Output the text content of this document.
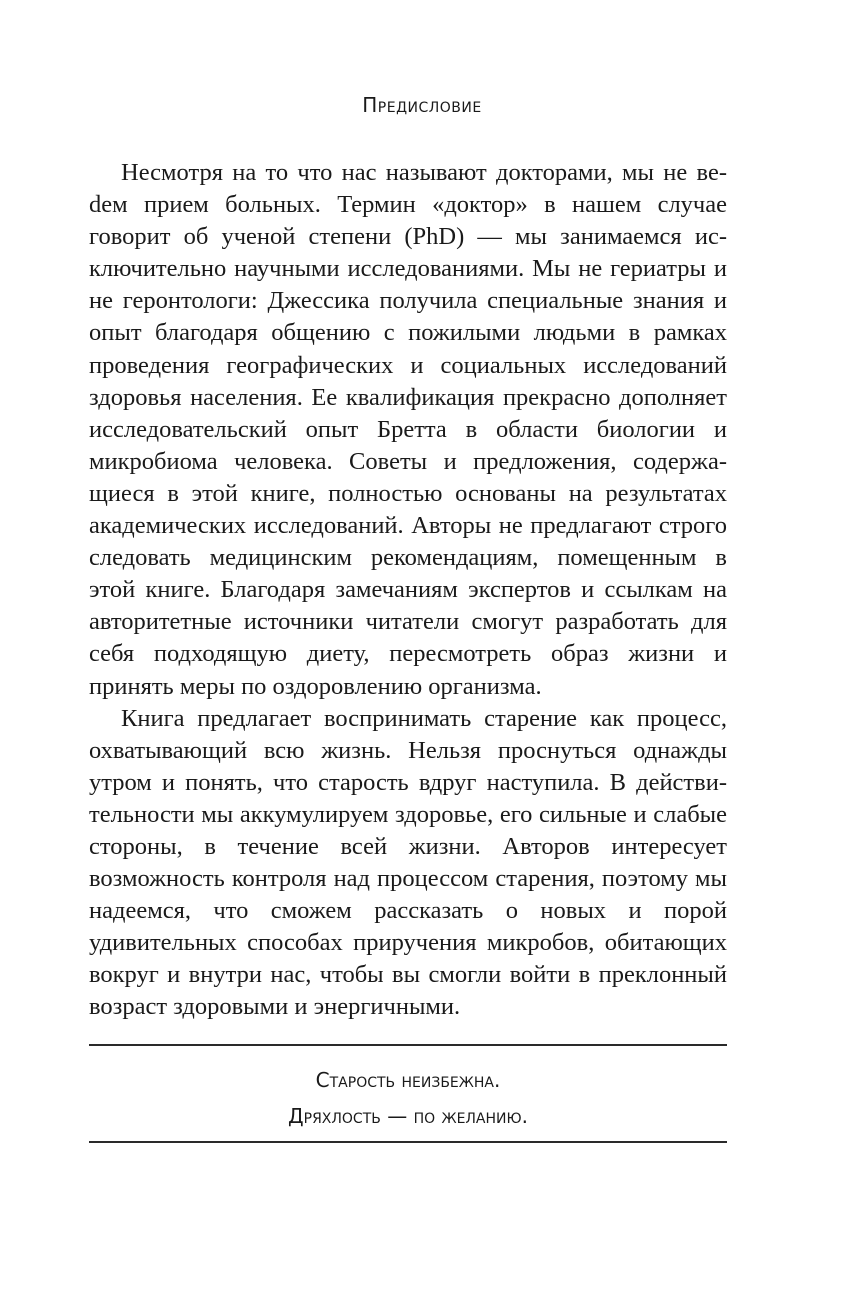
Предисловие

Несмотря на то что нас называют докторами, мы не веdем прием больных. Термин «доктор» в нашем случае говорит об ученой степени (PhD) — мы занимаемся исключительно научными исследованиями. Мы не гериатры и не геронтологи: Джессика получила специальные знания и опыт благодаря общению с пожилыми людьми в рамках проведения географических и социальных исследований здоровья населения. Ее квалификация прекрасно дополняет исследовательский опыт Бретта в области биологии и микробиома человека. Советы и предложения, содержащиеся в этой книге, полностью основаны на результатах академических исследований. Авторы не предлагают строго следовать медицинским рекомендациям, помещенным в этой книге. Благодаря замечаниям экспертов и ссылкам на авторитетные источники читатели смогут разработать для себя подходящую диету, пересмотреть образ жизни и принять меры по оздоровлению организма.

Книга предлагает воспринимать старение как процесс, охватывающий всю жизнь. Нельзя проснуться однажды утром и понять, что старость вдруг наступила. В действительности мы аккумулируем здоровье, его сильные и слабые стороны, в течение всей жизни. Авторов интересует возможность контроля над процессом старения, поэтому мы надеемся, что сможем рассказать о новых и порой удивительных способах приручения микробов, обитающих вокруг и внутри нас, чтобы вы смогли войти в преклонный возраст здоровыми и энергичными.

Старость неизбежна.
Дряхлость — по желанию.
